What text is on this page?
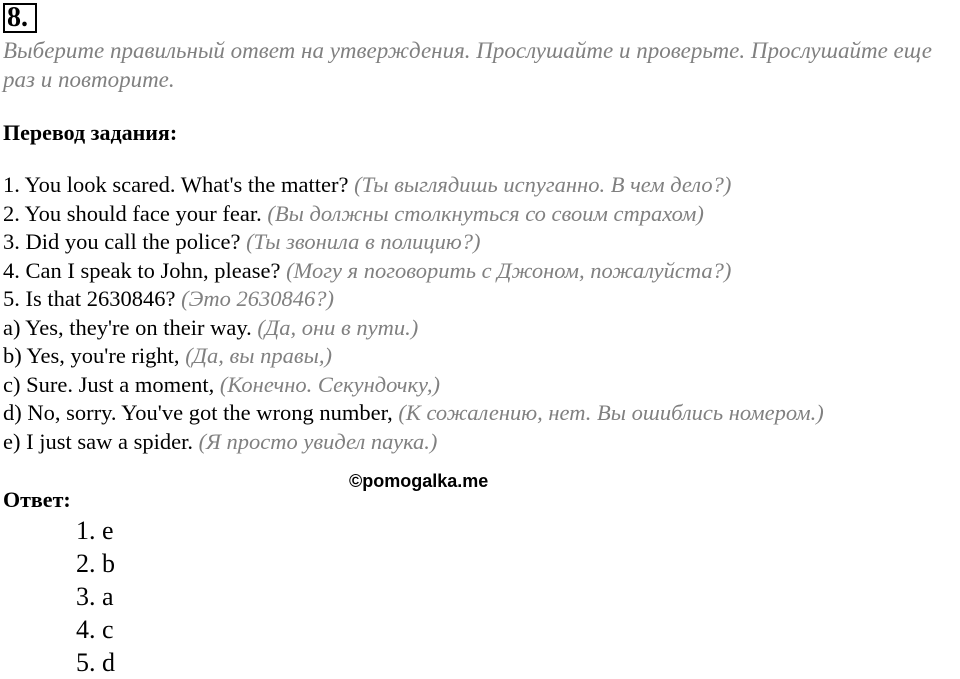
8.
Выберите правильный ответ на утверждения. Прослушайте и проверьте. Прослушайте еще раз и повторите.
Перевод задания:
1. You look scared. What's the matter? (Ты выглядишь испуганно. В чем дело?)
2. You should face your fear. (Вы должны столкнуться со своим страхом)
3. Did you call the police? (Ты звонила в полицию?)
4. Can I speak to John, please? (Могу я поговорить с Джоном, пожалуйста?)
5. Is that 2630846? (Это 2630846?)
a) Yes, they're on their way. (Да, они в пути.)
b) Yes, you're right, (Да, вы правы,)
c) Sure. Just a moment, (Конечно. Секундочку,)
d) No, sorry. You've got the wrong number, (К сожалению, нет. Вы ошиблись номером.)
e) I just saw a spider. (Я просто увидел паука.)
©pomogalka.me
Ответ:
1. e
2. b
3. a
4. c
5. d
